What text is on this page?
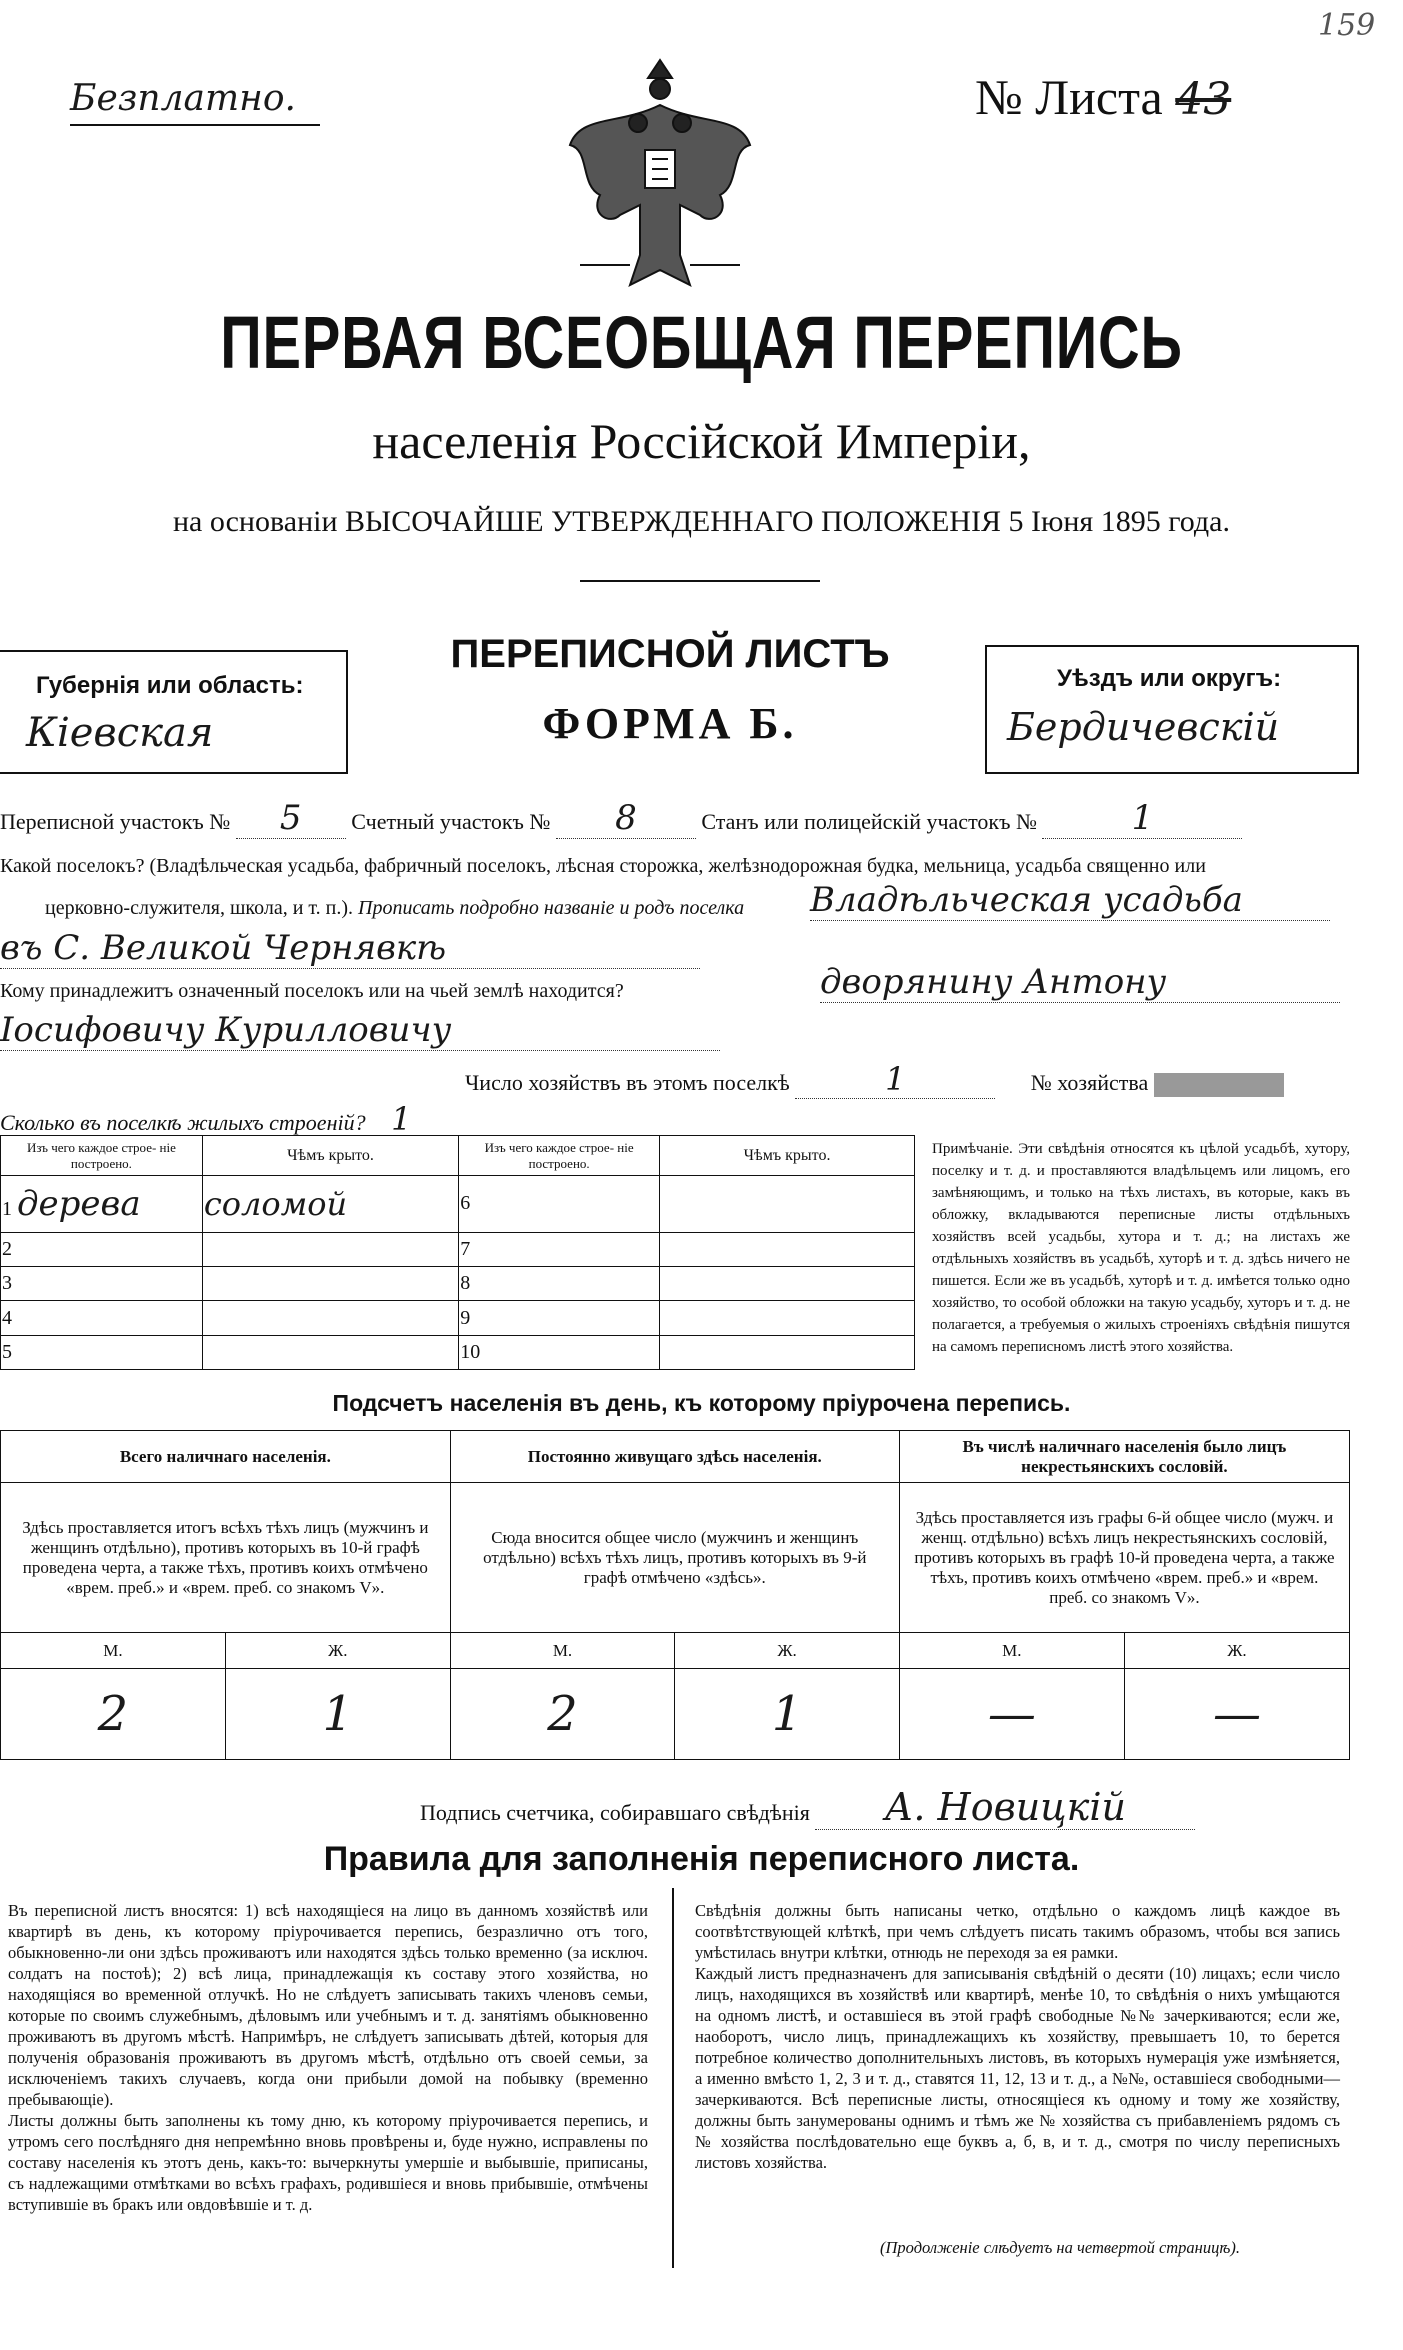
Безплатно.	№ Листа 43
159
ПЕРВАЯ ВСЕОБЩАЯ ПЕРЕПИСЬ
населенія Россійской Имперіи,
на основаніи ВЫСОЧАЙШЕ УТВЕРЖДЕННАГО ПОЛОЖЕНІЯ 5 Іюня 1895 года.
Губернія или область:
Кіевская
ПЕРЕПИСНОЙ ЛИСТЪ
ФОРМА Б.
Уѣздъ или округъ:
Бердичевскій
Переписной участокъ № 5 Счетный участокъ № 8	Станъ или полицейскій участокъ №	1
Какой поселокъ? (Владѣльческая усадьба, фабричный поселокъ, лѣсная сторожка, желѣзнодорожная будка, мельница, усадьба священно или
церковно-служителя, школа, и т. п.). Прописать подробно названіе и родъ поселка Владѣльческая усадьба
въ С. Великой Чернявкѣ
Кому принадлежитъ означенный поселокъ или на чьей землѣ находится?	дворянину Антону
Іосифовичу Курилловичу
Число хозяйствъ въ этомъ поселкѣ	1	№ хозяйства
Сколько въ поселкѣ жилыхъ строеній? 1
Изъ чего каждое строе- ніе построено.	Чѣмъ крыто.	Изъ чего каждое строе- ніе построено.	Чѣмъ крыто.
1 дерева	соломой	6	
2		7	
3		8	
4		9	
5		10	
Примѣчаніе. Эти свѣдѣнія относятся къ цѣлой усадьбѣ, хутору, поселку и т. д. и проставляются владѣльцемъ или лицомъ, его замѣняющимъ, и только на тѣхъ листахъ, въ которые, какъ въ обложку, вкладываются переписные листы отдѣльныхъ хозяйствъ всей усадьбы, хутора и т. д.; на листахъ же отдѣльныхъ хозяйствъ въ усадьбѣ, хуторѣ и т. д. здѣсь ничего не пишется. Если же въ усадьбѣ, хуторѣ и т. д. имѣется только одно хозяйство, то особой обложки на такую усадьбу, хуторъ и т. д. не полагается, а требуемыя о жилыхъ строеніяхъ свѣдѣнія пишутся на самомъ переписномъ листѣ этого хозяйства.
Подсчетъ населенія въ день, къ которому пріурочена перепись.
Всего наличнаго населенія.		Постоянно живущаго здѣсь населенія.		Въ числѣ наличнаго населенія было лицъ некрестьянскихъ сословій.	
Здѣсь проставляется итогъ всѣхъ тѣхъ лицъ (мужчинъ и женщинъ отдѣльно), противъ которыхъ въ 10-й графѣ проведена черта, а также тѣхъ, противъ коихъ отмѣчено «врем. преб.» и «врем. преб. со знакомъ V».		Сюда вносится общее число (мужчинъ и женщинъ отдѣльно) всѣхъ тѣхъ лицъ, противъ которыхъ въ 9-й графѣ отмѣчено «здѣсь».		Здѣсь проставляется изъ графы 6-й общее число (мужч. и женщ. отдѣльно) всѣхъ лицъ некрестьянскихъ сословій, противъ которыхъ въ графѣ 10-й проведена черта, а также тѣхъ, противъ коихъ отмѣчено «врем. преб.» и «врем. преб. со знакомъ V».	
М.	Ж.	М.	Ж.	М.	Ж.
2	1	2	1	—	—
Подпись счетчика, собиравшаго свѣдѣнія А. Новицкій
Правила для заполненія переписного листа.
Въ переписной листъ вносятся: 1) всѣ находящіеся на лицо въ данномъ хозяйствѣ или квартирѣ въ день, къ которому пріурочивается перепись, безразлично отъ того, обыкновенно-ли они здѣсь проживаютъ или находятся здѣсь только временно (за исключ. солдатъ на постоѣ); 2) всѣ лица, принадлежащія къ составу этого хозяйства, но находящіяся во временной отлучкѣ. Но не слѣдуетъ записывать такихъ членовъ семьи, которые по своимъ служебнымъ, дѣловымъ или учебнымъ и т. д. занятіямъ обыкновенно проживаютъ въ другомъ мѣстѣ. Напримѣръ, не слѣдуетъ записывать дѣтей, которыя для полученія образованія проживаютъ въ другомъ мѣстѣ, отдѣльно отъ своей семьи, за исключеніемъ такихъ случаевъ, когда они прибыли домой на побывку (временно пребывающіе).
Листы должны быть заполнены къ тому дню, къ которому пріурочивается перепись, и утромъ сего послѣдняго дня непремѣнно вновь провѣрены и, буде нужно, исправлены по составу населенія къ этотъ день, какъ-то: вычеркнуты умершіе и выбывшіе, приписаны, съ надлежащими отмѣтками во всѣхъ графахъ, родившіеся и вновь прибывшіе, отмѣчены вступившіе въ бракъ или овдовѣвшіе и т. д.
Свѣдѣнія должны быть написаны четко, отдѣльно о каждомъ лицѣ каждое въ соотвѣтствующей клѣткѣ, при чемъ слѣдуетъ писать такимъ образомъ, чтобы вся запись умѣстилась внутри клѣтки, отнюдь не переходя за ея рамки.
Каждый листъ предназначенъ для записыванія свѣдѣній о десяти (10) лицахъ; если число лицъ, находящихся въ хозяйствѣ или квартирѣ, менѣе 10, то свѣдѣнія о нихъ умѣщаются на одномъ листѣ, и оставшіеся въ этой графѣ свободные №№ зачеркиваются; если же, наоборотъ, число лицъ, принадлежащихъ къ хозяйству, превышаетъ 10, то берется потребное количество дополнительныхъ листовъ, въ которыхъ нумерація уже измѣняется, а именно вмѣсто 1, 2, 3 и т. д., ставятся 11, 12, 13 и т. д., а №№, оставшіеся свободными—зачеркиваются. Всѣ переписные листы, относящіеся къ одному и тому же хозяйству, должны быть занумерованы однимъ и тѣмъ же № хозяйства съ прибавленіемъ рядомъ съ № хозяйства послѣдовательно еще буквъ а, б, в, и т. д., смотря по числу переписныхъ листовъ хозяйства.
(Продолженіе слѣдуетъ на четвертой страницѣ).
